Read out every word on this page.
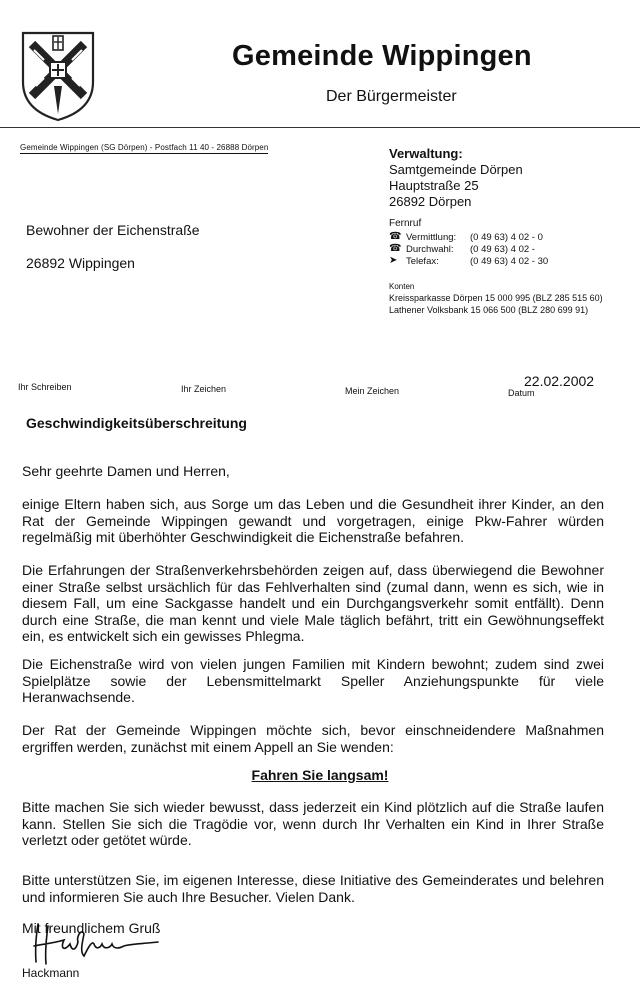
Gemeinde Wippingen
Der Bürgermeister
Gemeinde Wippingen (SG Dörpen) - Postfach 11 40 - 26888 Dörpen	Verwaltung:
Samtgemeinde Dörpen
Hauptstraße 25
26892 Dörpen
Bewohner der Eichenstraße
26892 Wippingen
Fernruf
☎ Vermittlung: (0 49 63) 4 02 - 0
☎ Durchwahl: (0 49 63) 4 02 -
➤ Telefax:	(0 49 63) 4 02 - 30
Konten
Kreissparkasse Dörpen 15 000 995 (BLZ 285 515 60)
Lathener Volksbank 15 066 500 (BLZ 280 699 91)
Ihr Schreiben	Ihr Zeichen	Mein Zeichen
22.02.2002
Datum
Geschwindigkeitsüberschreitung
Sehr geehrte Damen und Herren,

einige Eltern haben sich, aus Sorge um das Leben und die Gesundheit ihrer Kinder, an den Rat der Gemeinde Wippingen gewandt und vorgetragen, einige Pkw-Fahrer würden regelmäßig mit überhöhter Geschwindigkeit die Eichenstraße befahren.

Die Erfahrungen der Straßenverkehrsbehörden zeigen auf, dass überwiegend die Bewohner einer Straße selbst ursächlich für das Fehlverhalten sind (zumal dann, wenn es sich, wie in diesem Fall, um eine Sackgasse handelt und ein Durchgangsverkehr somit entfällt). Denn durch eine Straße, die man kennt und viele Male täglich befährt, tritt ein Gewöhnungseffekt ein, es entwickelt sich ein gewisses Phlegma.

Die Eichenstraße wird von vielen jungen Familien mit Kindern bewohnt; zudem sind zwei Spielplätze sowie der Lebensmittelmarkt Speller Anziehungspunkte für viele Heranwachsende.

Der Rat der Gemeinde Wippingen möchte sich, bevor einschneidendere Maßnahmen ergriffen werden, zunächst mit einem Appell an Sie wenden:

Fahren Sie langsam!

Bitte machen Sie sich wieder bewusst, dass jederzeit ein Kind plötzlich auf die Straße laufen kann. Stellen Sie sich die Tragödie vor, wenn durch Ihr Verhalten ein Kind in Ihrer Straße verletzt oder getötet würde.

Bitte unterstützen Sie, im eigenen Interesse, diese Initiative des Gemeinderates und belehren und informieren Sie auch Ihre Besucher. Vielen Dank.

Mit freundlichem Gruß
Hackmann
